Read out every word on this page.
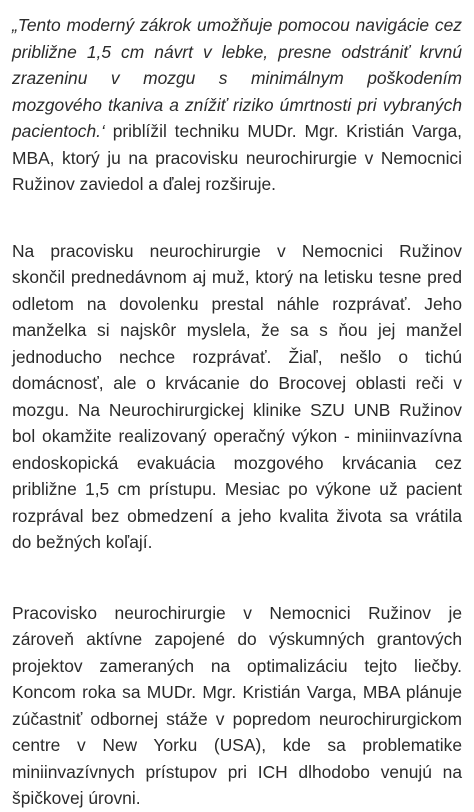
„Tento moderný zákrok umožňuje pomocou navigácie cez približne 1,5 cm návrt v lebke, presne odstrániť krvnú zrazeninu v mozgu s minimálnym poškodením mozgového tkaniva a znížiť riziko úmrtnosti pri vybraných pacientoch.‘ priblížil techniku MUDr. Mgr. Kristián Varga, MBA, ktorý ju na pracovisku neurochirurgie v Nemocnici Ružinov zaviedol a ďalej rozširuje.

Na pracovisku neurochirurgie v Nemocnici Ružinov skončil prednedávnom aj muž, ktorý na letisku tesne pred odletom na dovolenku prestal náhle rozprávať. Jeho manželka si najskôr myslela, že sa s ňou jej manžel jednoducho nechce rozprávať. Žiaľ, nešlo o tichú domácnosť, ale o krvácanie do Brocovej oblasti reči v mozgu. Na Neurochirurgickej klinike SZU UNB Ružinov bol okamžite realizovaný operačný výkon - miniinvazívna endoskopická evakuácia mozgového krvácania cez približne 1,5 cm prístupu. Mesiac po výkone už pacient rozprával bez obmedzení a jeho kvalita života sa vrátila do bežných koľají.

Pracovisko neurochirurgie v Nemocnici Ružinov je zároveň aktívne zapojené do výskumných grantových projektov zameraných na optimalizáciu tejto liečby. Koncom roka sa MUDr. Mgr. Kristián Varga, MBA plánuje zúčastniť odbornej stáže v popredom neurochirurgickom centre v New Yorku (USA), kde sa problematike miniinvazívnych prístupov pri ICH dlhodobo venujú na špičkovej úrovni.
